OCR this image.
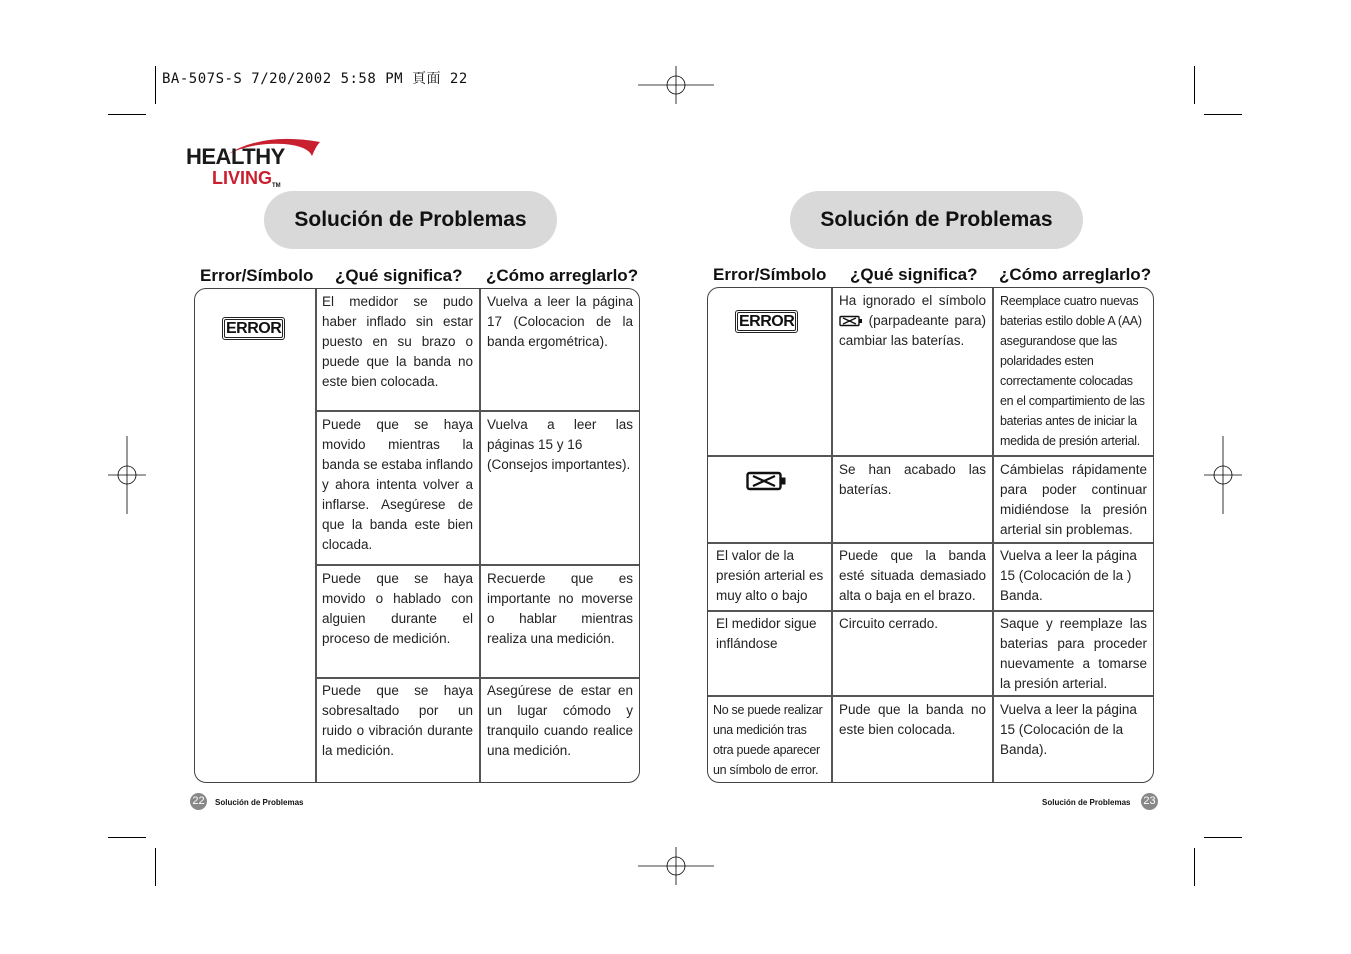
BA-507S-S 7/20/2002 5:58 PM 頁面 22
HEALTHY
LIVINGTM
Solución de Problemas
Error/Símbolo ¿Qué significa? ¿Cómo arreglarlo?
ERROR
El medidor se pudo haber inflado sin estar puesto en su brazo o puede que la banda no este bien colocada.
Vuelva a leer la página 17 (Colocacion de la banda ergométrica).
Puede que se haya movido mientras la banda se estaba inflando y ahora intenta volver a inflarse. Asegúrese de que la banda este bien clocada.
Vuelva a leer las páginas 15 y 16
(Consejos importantes).
Puede que se haya movido o hablado con alguien durante el proceso de medición.
Recuerde que es importante no moverse o hablar mientras realiza una medición.
Puede que se haya sobresaltado por un ruido o vibración durante la medición.
Asegúrese de estar en un lugar cómodo y tranquilo cuando realice una medición.
22 Solución de Problemas
Solución de Problemas
Error/Símbolo ¿Qué significa? ¿Cómo arreglarlo?
ERROR
Ha ignorado el símbolo  (parpadeante para) cambiar las baterías.
Reemplace cuatro nuevas baterias estilo doble A (AA) asegurandose que las polaridades esten correctamente colocadas en el compartimiento de las baterias antes de iniciar la medida de presión arterial.
Se han acabado las baterías.
Cámbielas rápidamente para poder continuar midiéndose la presión arterial sin problemas.
El valor de la presión arterial es muy alto o bajo
Puede que la banda esté situada demasiado alta o baja en el brazo.
Vuelva a leer la página 15 (Colocación de la ) Banda.
El medidor sigue inflándose
Circuito cerrado.	Saque y reemplaze las baterias para proceder nuevamente a tomarse la presión arterial.
No se puede realizar una medición tras otra puede aparecer un símbolo de error.
Pude que la banda no este bien colocada.
Vuelva a leer la página 15 (Colocación de la Banda).
Solución de Problemas 23
